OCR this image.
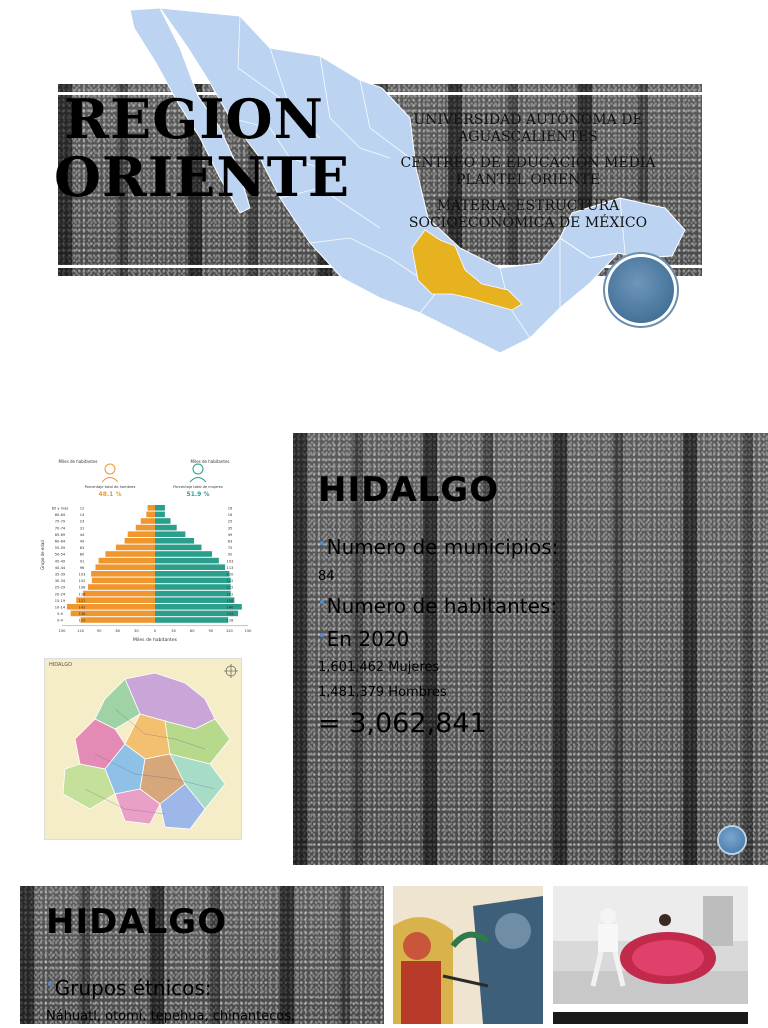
REGION ORIENTE

UNIVERSIDAD AUTÓNOMA DE AGUASCALIENTES

CENTREO DE EDUCACIÓN MEDIA PLANTEL ORIENTE

MATERIA: ESTRUCTURA SOCIOECONÓMICA DE MÉXICO

Miles de habitantes	Miles de habitantes
Porcentaje total de hombres
48.1 %
Porcentaje total de mujeres
51.9 %
Grupo de edad
85 y más	12	16
80-84	14	16
75-79	23	25
70-74	31	35
65-69	44	49
60-64	49	63
55-59	63	75
50-54	80	92
45-49	91	103
40-44	96	113
35-39	103	120
30-34	102	122
25-29	108	122
20-24	116	122
15-19	127	128
10-14	142	140
5-9	136	134
0-4	120	118
150	120	90	60	30	0	30	60	90	120	150
Miles de habitantes
HIDALGO
HIDALGO
•Numero de municipios:
84
•Numero de habitantes:
•En 2020
1,601,462 Mujeres
1,481,379 Hombres
= 3,062,841
HIDALGO
•Grupos étnicos:
Náhuatl, otomí, tepehua, chinantecos,
